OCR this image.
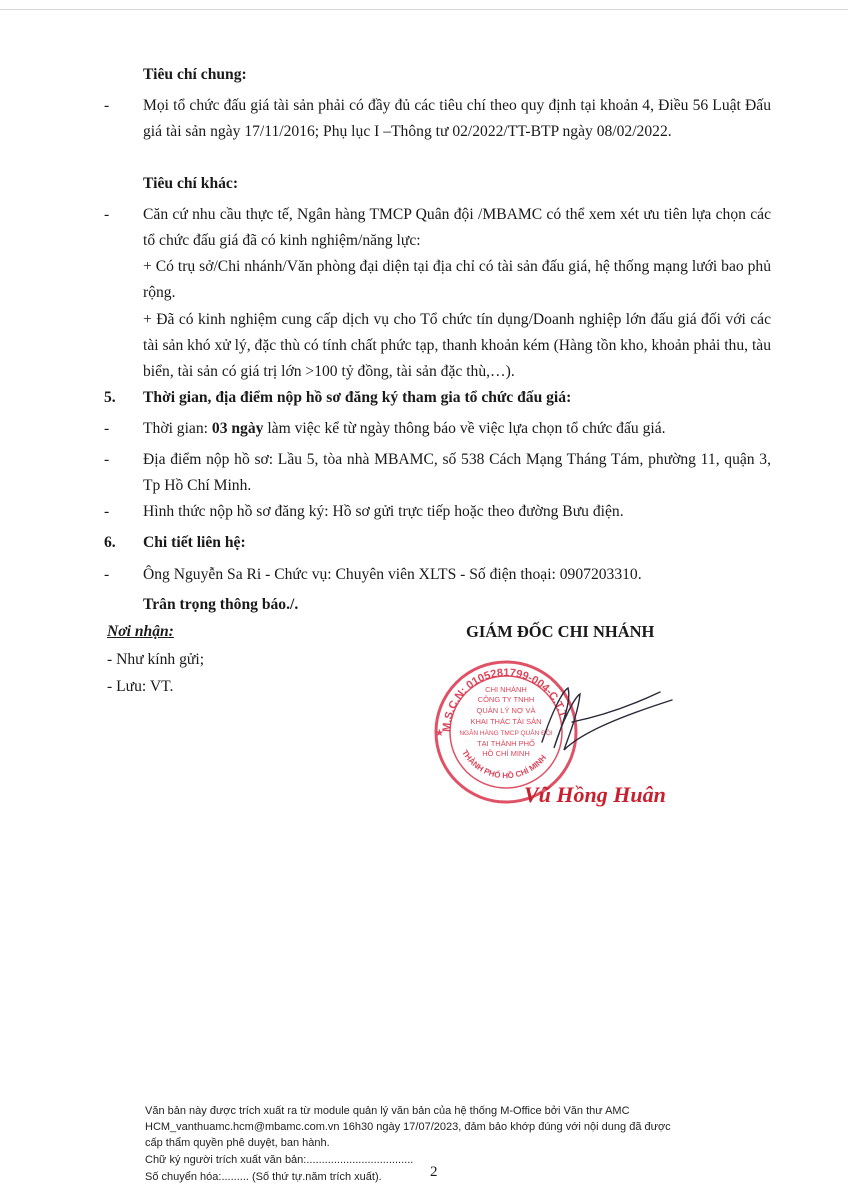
Tiêu chí chung:
- Mọi tổ chức đấu giá tài sản phải có đầy đủ các tiêu chí theo quy định tại khoản 4, Điều 56 Luật Đấu giá tài sản ngày 17/11/2016; Phụ lục I –Thông tư 02/2022/TT-BTP ngày 08/02/2022.
Tiêu chí khác:
- Căn cứ nhu cầu thực tế, Ngân hàng TMCP Quân đội /MBAMC có thể xem xét ưu tiên lựa chọn các tổ chức đấu giá đã có kinh nghiệm/năng lực:
+ Có trụ sở/Chi nhánh/Văn phòng đại diện tại địa chỉ có tài sản đấu giá, hệ thống mạng lưới bao phủ rộng.
+ Đã có kinh nghiệm cung cấp dịch vụ cho Tổ chức tín dụng/Doanh nghiệp lớn đấu giá đối với các tài sản khó xử lý, đặc thù có tính chất phức tạp, thanh khoản kém (Hàng tồn kho, khoản phải thu, tàu biển, tài sản có giá trị lớn >100 tỷ đồng, tài sản đặc thù,…).
5. Thời gian, địa điểm nộp hồ sơ đăng ký tham gia tổ chức đấu giá:
- Thời gian: 03 ngày làm việc kể từ ngày thông báo về việc lựa chọn tổ chức đấu giá.
- Địa điểm nộp hồ sơ: Lầu 5, tòa nhà MBAMC, số 538 Cách Mạng Tháng Tám, phường 11, quận 3, Tp Hồ Chí Minh.
- Hình thức nộp hồ sơ đăng ký: Hồ sơ gửi trực tiếp hoặc theo đường Bưu điện.
6. Chi tiết liên hệ:
- Ông Nguyễn Sa Ri - Chức vụ: Chuyên viên XLTS - Số điện thoại: 0907203310.
Trân trọng thông báo./.
Nơi nhận:
- Như kính gửi;
- Lưu: VT.
GIÁM ĐỐC CHI NHÁNH
M.S.C.N: 0105281799-004-C.T.T
THÀNH PHỐ HỒ CHÍ MINH
CHI NHÁNH
CÔNG TY TNHH
QUẢN LÝ NỢ VÀ
KHAI THÁC TÀI SẢN
NGÂN HÀNG TMCP QUÂN ĐỘI
TẠI THÀNH PHỐ
HỒ CHÍ MINH
★
Vũ Hồng Huân
Văn bản này được trích xuất ra từ module quản lý văn bản của hệ thống M-Office bởi Văn thư AMC
HCM_vanthuamc.hcm@mbamc.com.vn 16h30 ngày 17/07/2023, đảm bảo khớp đúng với nội dung đã được
cấp thẩm quyền phê duyệt, ban hành.
Chữ ký người trích xuất văn bản:...................................
Số chuyển hóa:......... (Số thứ tự.năm trích xuất).	2
